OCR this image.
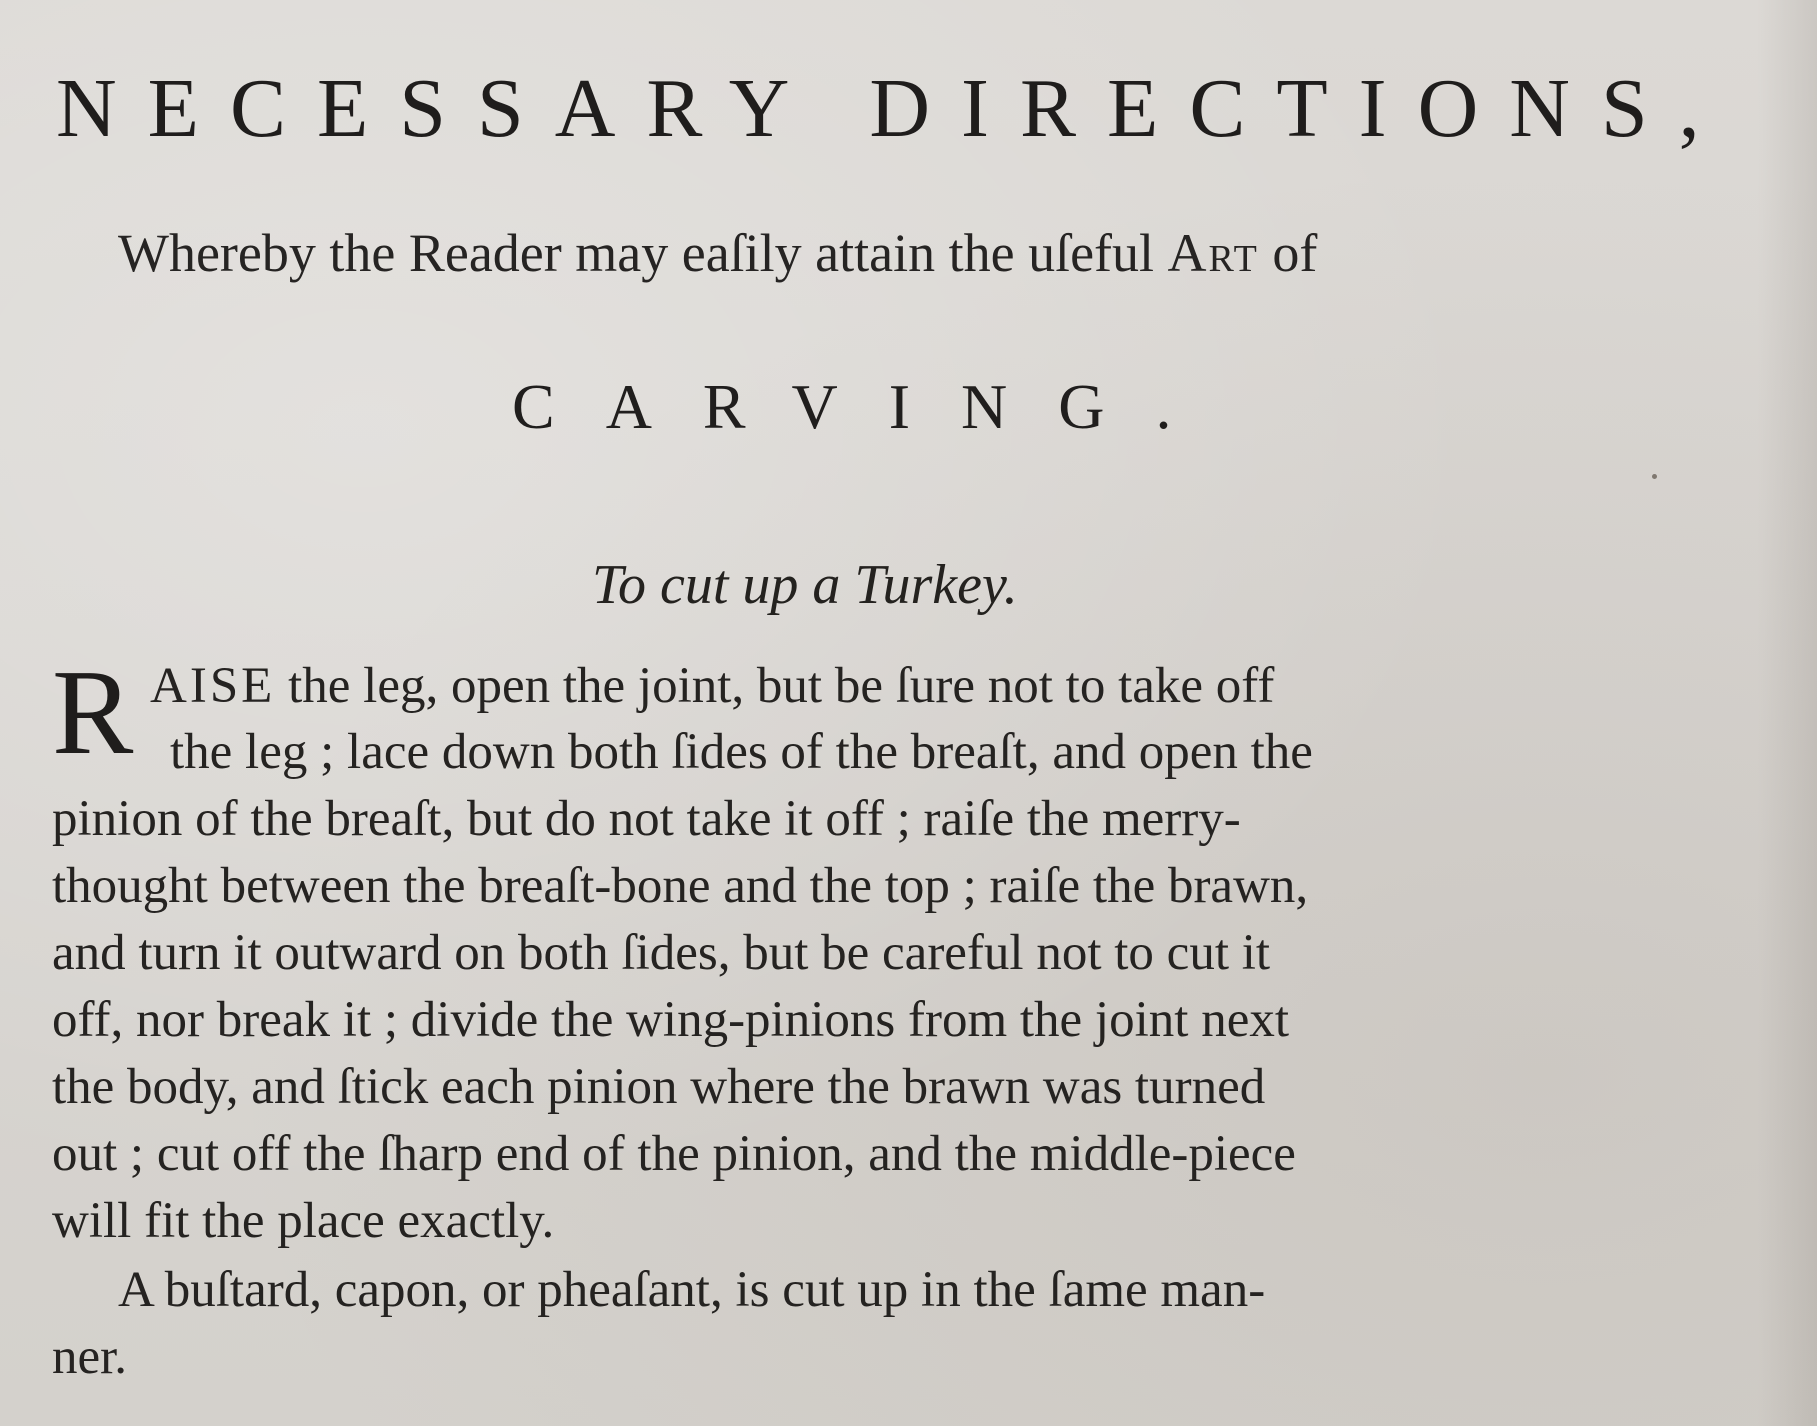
NECESSARY DIRECTIONS,
Whereby the Reader may eaſily attain the uſeful Art of
CARVING.
To cut up a Turkey.
R AISE the leg, open the joint, but be ſure not to take off
the leg ; lace down both ſides of the breaſt, and open the
pinion of the breaſt, but do not take it off ; raiſe the merry-
thought between the breaſt-bone and the top ; raiſe the brawn,
and turn it outward on both ſides, but be careful not to cut it
off, nor break it ; divide the wing-pinions from the joint next
the body, and ſtick each pinion where the brawn was turned
out ; cut off the ſharp end of the pinion, and the middle-piece
will fit the place exactly.
A buſtard, capon, or pheaſant, is cut up in the ſame man-
ner.
